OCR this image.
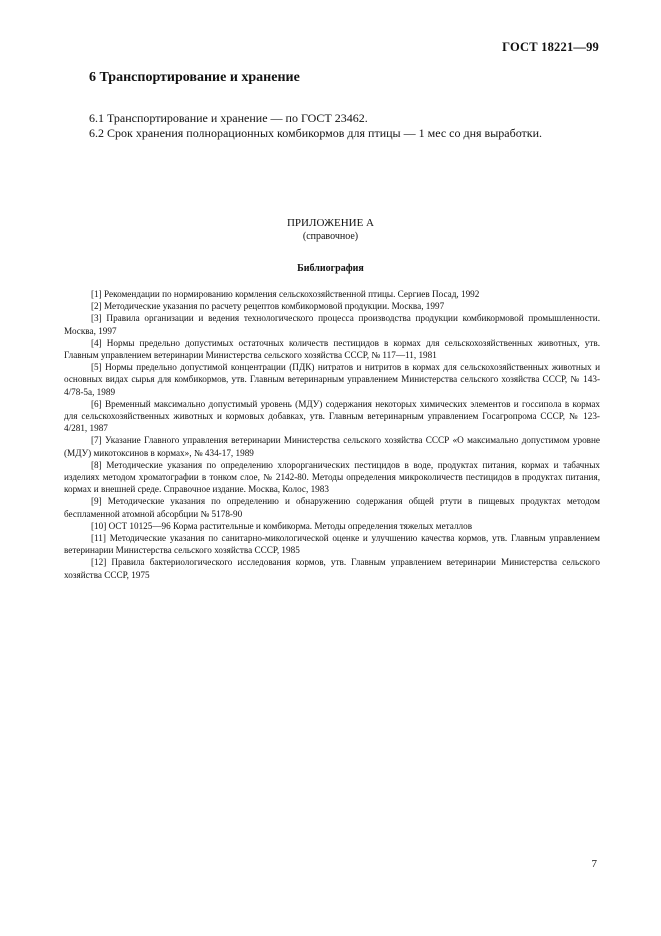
ГОСТ 18221—99
6 Транспортирование и хранение
6.1 Транспортирование и хранение — по ГОСТ 23462.
6.2 Срок хранения полнорационных комбикормов для птицы — 1 мес со дня выработки.
ПРИЛОЖЕНИЕ А
(справочное)
Библиография

[1] Рекомендации по нормированию кормления сельскохозяйственной птицы. Сергиев Посад, 1992

[2] Методические указания по расчету рецептов комбикормовой продукции. Москва, 1997

[3] Правила организации и ведения технологического процесса производства продукции комбикормовой промышленности. Москва, 1997

[4] Нормы предельно допустимых остаточных количеств пестицидов в кормах для сельскохозяйственных животных, утв. Главным управлением ветеринарии Министерства сельского хозяйства СССР, № 117—11, 1981

[5] Нормы предельно допустимой концентрации (ПДК) нитратов и нитритов в кормах для сельскохозяйственных животных и основных видах сырья для комбикормов, утв. Главным ветеринарным управлением Министерства сельского хозяйства СССР, № 143-4/78-5а, 1989

[6] Временный максимально допустимый уровень (МДУ) содержания некоторых химических элементов и госсипола в кормах для сельскохозяйственных животных и кормовых добавках, утв. Главным ветеринарным управлением Госагропрома СССР, № 123-4/281, 1987

[7] Указание Главного управления ветеринарии Министерства сельского хозяйства СССР «О максимально допустимом уровне (МДУ) микотоксинов в кормах», № 434-17, 1989

[8] Методические указания по определению хлорорганических пестицидов в воде, продуктах питания, кормах и табачных изделиях методом хроматографии в тонком слое, № 2142-80. Методы определения микроколичеств пестицидов в продуктах питания, кормах и внешней среде. Справочное издание. Москва, Колос, 1983

[9] Методические указания по определению и обнаружению содержания общей ртути в пищевых продуктах методом беспламенной атомной абсорбции № 5178-90

[10] ОСТ 10125—96 Корма растительные и комбикорма. Методы определения тяжелых металлов

[11] Методические указания по санитарно-микологической оценке и улучшению качества кормов, утв. Главным управлением ветеринарии Министерства сельского хозяйства СССР, 1985

[12] Правила бактериологического исследования кормов, утв. Главным управлением ветеринарии Министерства сельского хозяйства СССР, 1975

7
